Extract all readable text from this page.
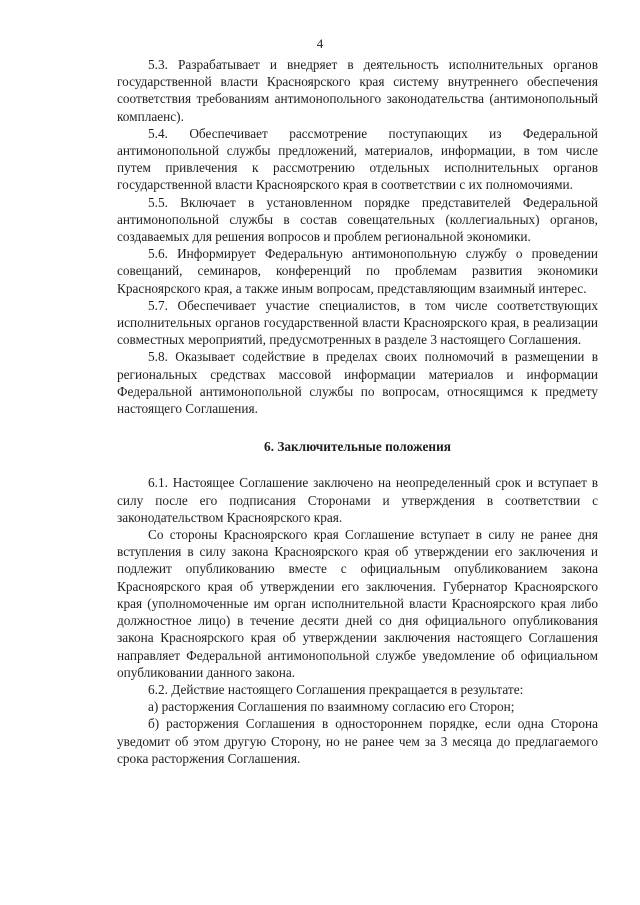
4

5.3. Разрабатывает и внедряет в деятельность исполнительных органов государственной власти Красноярского края систему внутреннего обеспечения соответствия требованиям антимонопольного законодательства (антимонопольный комплаенс).

5.4. Обеспечивает рассмотрение поступающих из Федеральной антимонопольной службы предложений, материалов, информации, в том числе путем привлечения к рассмотрению отдельных исполнительных органов государственной власти Красноярского края в соответствии с их полномочиями.

5.5. Включает в установленном порядке представителей Федеральной антимонопольной службы в состав совещательных (коллегиальных) органов, создаваемых для решения вопросов и проблем региональной экономики.

5.6. Информирует Федеральную антимонопольную службу о проведении совещаний, семинаров, конференций по проблемам развития экономики Красноярского края, а также иным вопросам, представляющим взаимный интерес.

5.7. Обеспечивает участие специалистов, в том числе соответствующих исполнительных органов государственной власти Красноярского края, в реализации совместных мероприятий, предусмотренных в разделе 3 настоящего Соглашения.

5.8. Оказывает содействие в пределах своих полномочий в размещении в региональных средствах массовой информации материалов и информации Федеральной антимонопольной службы по вопросам, относящимся к предмету настоящего Соглашения.

6. Заключительные положения

6.1. Настоящее Соглашение заключено на неопределенный срок и вступает в силу после его подписания Сторонами и утверждения в соответствии с законодательством Красноярского края.

Со стороны Красноярского края Соглашение вступает в силу не ранее дня вступления в силу закона Красноярского края об утверждении его заключения и подлежит опубликованию вместе с официальным опубликованием закона Красноярского края об утверждении его заключения. Губернатор Красноярского края (уполномоченные им орган исполнительной власти Красноярского края либо должностное лицо) в течение десяти дней со дня официального опубликования закона Красноярского края об утверждении заключения настоящего Соглашения направляет Федеральной антимонопольной службе уведомление об официальном опубликовании данного закона.

6.2. Действие настоящего Соглашения прекращается в результате:

а) расторжения Соглашения по взаимному согласию его Сторон;

б) расторжения Соглашения в одностороннем порядке, если одна Сторона уведомит об этом другую Сторону, но не ранее чем за 3 месяца до предлагаемого срока расторжения Соглашения.
